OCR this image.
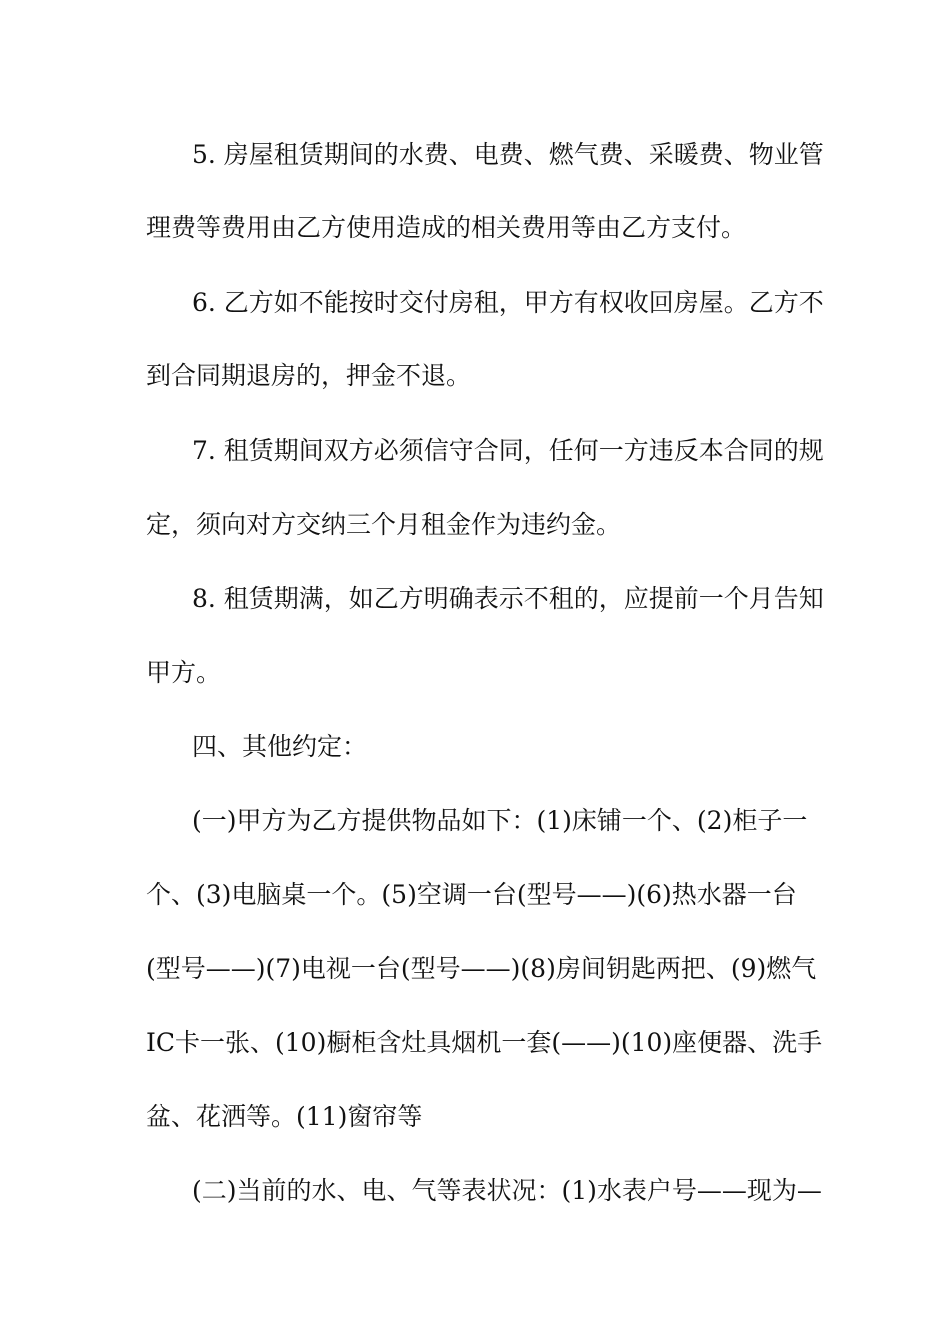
5. 房屋租赁期间的水费、电费、燃气费、采暖费、物业管
理费等费用由乙方使用造成的相关费用等由乙方支付。
6. 乙方如不能按时交付房租，甲方有权收回房屋。乙方不
到合同期退房的，押金不退。
7. 租赁期间双方必须信守合同，任何一方违反本合同的规
定，须向对方交纳三个月租金作为违约金。
8. 租赁期满，如乙方明确表示不租的，应提前一个月告知
甲方。
四、其他约定：
(一)甲方为乙方提供物品如下：(1)床铺一个、(2)柜子一
个、(3)电脑桌一个。(5)空调一台(型号——)(6)热水器一台
(型号——)(7)电视一台(型号——)(8)房间钥匙两把、(9)燃气
IC卡一张、(10)橱柜含灶具烟机一套(——)(10)座便器、洗手
盆、花洒等。(11)窗帘等
(二)当前的水、电、气等表状况：(1)水表户号——现为—
